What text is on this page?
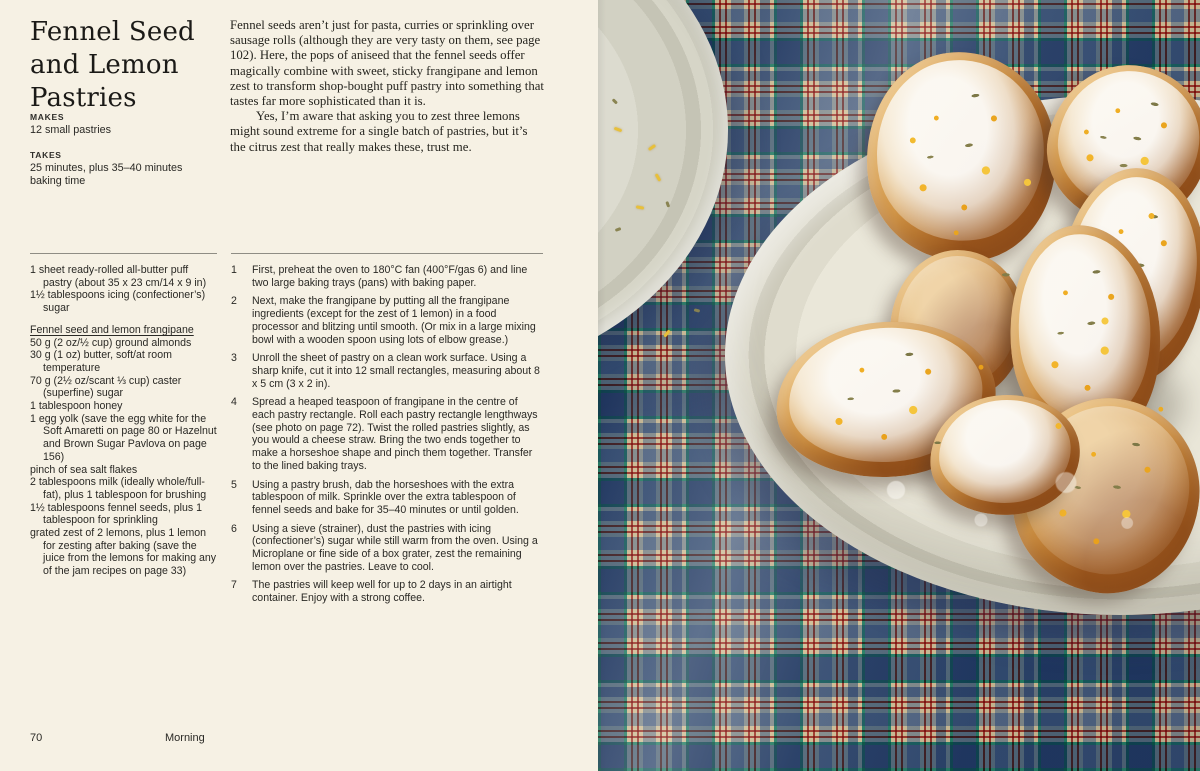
Fennel Seed
and Lemon
Pastries
MAKES
12 small pastries
TAKES
25 minutes, plus 35–40 minutes baking time

Fennel seeds aren’t just for pasta, curries or sprinkling over sausage rolls (although they are very tasty on them, see page 102). Here, the pops of aniseed that the fennel seeds offer magically combine with sweet, sticky frangipane and lemon zest to transform shop-bought puff pastry into something that tastes far more sophisticated than it is.

Yes, I’m aware that asking you to zest three lemons might sound extreme for a single batch of pastries, but it’s the citrus zest that really makes these, trust me.

1 sheet ready-rolled all-butter puff pastry (about 35 x 23 cm/14 x 9 in)
1½ tablespoons icing (confectioner’s) sugar
Fennel seed and lemon frangipane
50 g (2 oz/½ cup) ground almonds
30 g (1 oz) butter, soft/at room temperature
70 g (2½ oz/scant ⅓ cup) caster (superfine) sugar
1 tablespoon honey
1 egg yolk (save the egg white for the Soft Amaretti on page 80 or Hazelnut and Brown Sugar Pavlova on page 156)
pinch of sea salt flakes
2 tablespoons milk (ideally whole/full-fat), plus 1 tablespoon for brushing
1½ tablespoons fennel seeds, plus 1 tablespoon for sprinkling
grated zest of 2 lemons, plus 1 lemon for zesting after baking (save the juice from the lemons for making any of the jam recipes on page 33)
1	First, preheat the oven to 180°C fan (400°F/gas 6) and line two large baking trays (pans) with baking paper.
2	Next, make the frangipane by putting all the frangipane ingredients (except for the zest of 1 lemon) in a food processor and blitzing until smooth. (Or mix in a large mixing bowl with a wooden spoon using lots of elbow grease.)
3	Unroll the sheet of pastry on a clean work surface. Using a sharp knife, cut it into 12 small rectangles, measuring about 8 x 5 cm (3 x 2 in).
4	Spread a heaped teaspoon of frangipane in the centre of each pastry rectangle. Roll each pastry rectangle lengthways (see photo on page 72). Twist the rolled pastries slightly, as you would a cheese straw. Bring the two ends together to make a horseshoe shape and pinch them together. Transfer to the lined baking trays.
5	Using a pastry brush, dab the horseshoes with the extra tablespoon of milk. Sprinkle over the extra tablespoon of fennel seeds and bake for 35–40 minutes or until golden.
6	Using a sieve (strainer), dust the pastries with icing (confectioner’s) sugar while still warm from the oven. Using a Microplane or fine side of a box grater, zest the remaining lemon over the pastries. Leave to cool.
7	The pastries will keep well for up to 2 days in an airtight container. Enjoy with a strong coffee.
70	Morning
